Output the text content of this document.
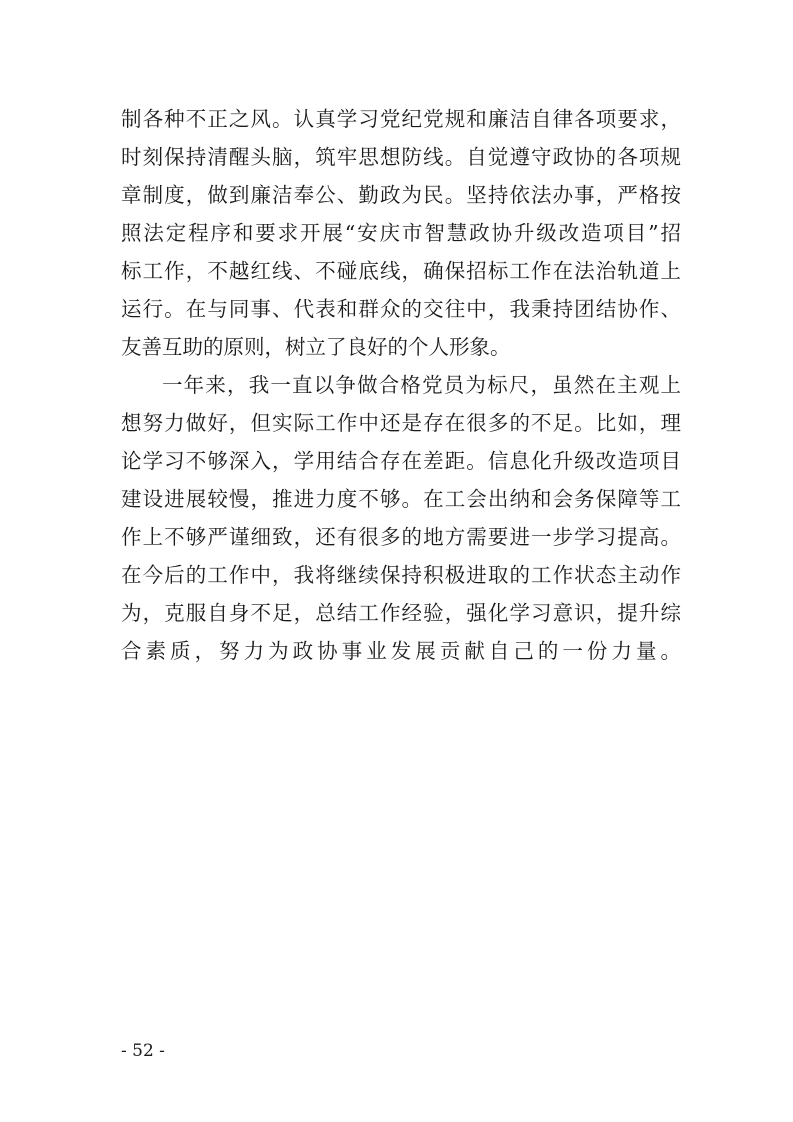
制各种不正之风。认真学习党纪党规和廉洁自律各项要求，
时刻保持清醒头脑，筑牢思想防线。自觉遵守政协的各项规
章制度，做到廉洁奉公、勤政为民。坚持依法办事，严格按
照法定程序和要求开展“安庆市智慧政协升级改造项目”招
标工作，不越红线、不碰底线，确保招标工作在法治轨道上
运行。在与同事、代表和群众的交往中，我秉持团结协作、
友善互助的原则，树立了良好的个人形象。
一年来，我一直以争做合格党员为标尺，虽然在主观上
想努力做好，但实际工作中还是存在很多的不足。比如，理
论学习不够深入，学用结合存在差距。信息化升级改造项目
建设进展较慢，推进力度不够。在工会出纳和会务保障等工
作上不够严谨细致，还有很多的地方需要进一步学习提高。
在今后的工作中，我将继续保持积极进取的工作状态主动作
为，克服自身不足，总结工作经验，强化学习意识，提升综
合素质，努力为政协事业发展贡献自己的一份力量。
- 52 -
